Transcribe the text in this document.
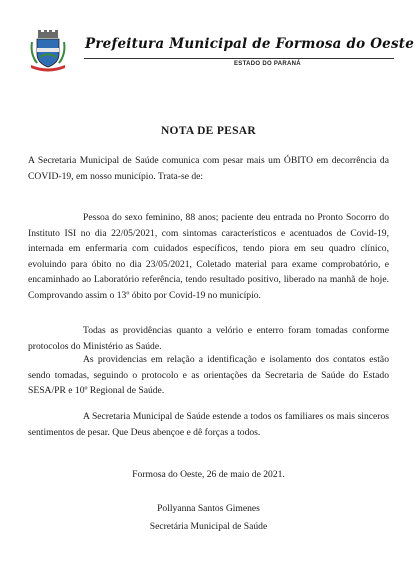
Prefeitura Municipal de Formosa do Oeste
ESTADO DO PARANÁ
NOTA DE PESAR

A Secretaria Municipal de Saúde comunica com pesar mais um ÓBITO em decorrência da COVID-19, em nosso município. Trata-se de:

Pessoa do sexo feminino, 88 anos; paciente deu entrada no Pronto Socorro do Instituto ISI no dia 22/05/2021, com sintomas característicos e acentuados de Covid-19, internada em enfermaria com cuidados específicos, tendo piora em seu quadro clínico, evoluindo para óbito no dia 23/05/2021, Coletado material para exame comprobatório, e encaminhado ao Laboratório referência, tendo resultado positivo, liberado na manhã de hoje. Comprovando assim o 13º óbito por Covid-19 no município.

Todas as providências quanto a velório e enterro foram tomadas conforme protocolos do Ministério as Saúde.

As providencias em relação a identificação e isolamento dos contatos estão sendo tomadas, seguindo o protocolo e as orientações da Secretaria de Saúde do Estado SESA/PR e 10º Regional de Saúde.

A Secretaria Municipal de Saúde estende a todos os familiares os mais sinceros sentimentos de pesar. Que Deus abençoe e dê forças a todos.

Formosa do Oeste, 26 de maio de 2021.
Pollyanna Santos Gimenes
Secretária Municipal de Saúde
